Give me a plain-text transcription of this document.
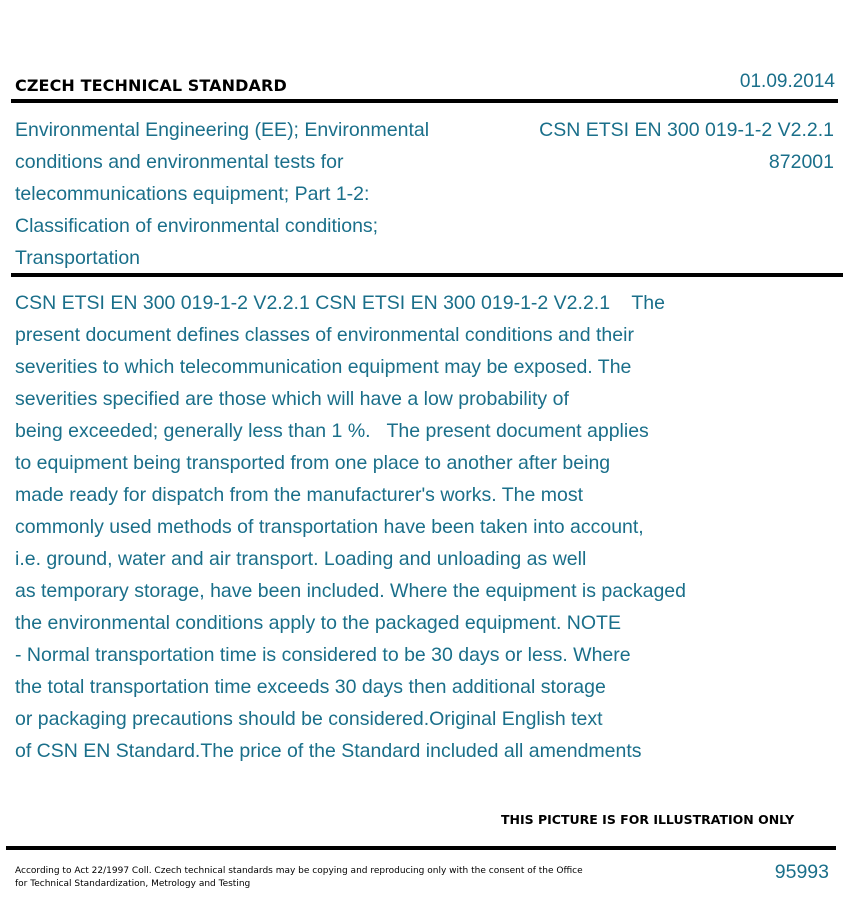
CZECH TECHNICAL STANDARD	01.09.2014
Environmental Engineering (EE); Environmental
conditions and environmental tests for
telecommunications equipment; Part 1-2:
Classification of environmental conditions;
Transportation
CSN ETSI EN 300 019-1-2 V2.2.1
872001
CSN ETSI EN 300 019-1-2 V2.2.1 CSN ETSI EN 300 019-1-2 V2.2.1    The
present document defines classes of environmental conditions and their
severities to which telecommunication equipment may be exposed. The
severities specified are those which will have a low probability of
being exceeded; generally less than 1 %.   The present document applies
to equipment being transported from one place to another after being
made ready for dispatch from the manufacturer's works. The most
commonly used methods of transportation have been taken into account,
i.e. ground, water and air transport. Loading and unloading as well
as temporary storage, have been included. Where the equipment is packaged
the environmental conditions apply to the packaged equipment. NOTE
- Normal transportation time is considered to be 30 days or less. Where
the total transportation time exceeds 30 days then additional storage
or packaging precautions should be considered.Original English text
of CSN EN Standard.The price of the Standard included all amendments
THIS PICTURE IS FOR ILLUSTRATION ONLY
According to Act 22/1997 Coll. Czech technical standards may be copying and reproducing only with the consent of the Office
for Technical Standardization, Metrology and Testing
95993
